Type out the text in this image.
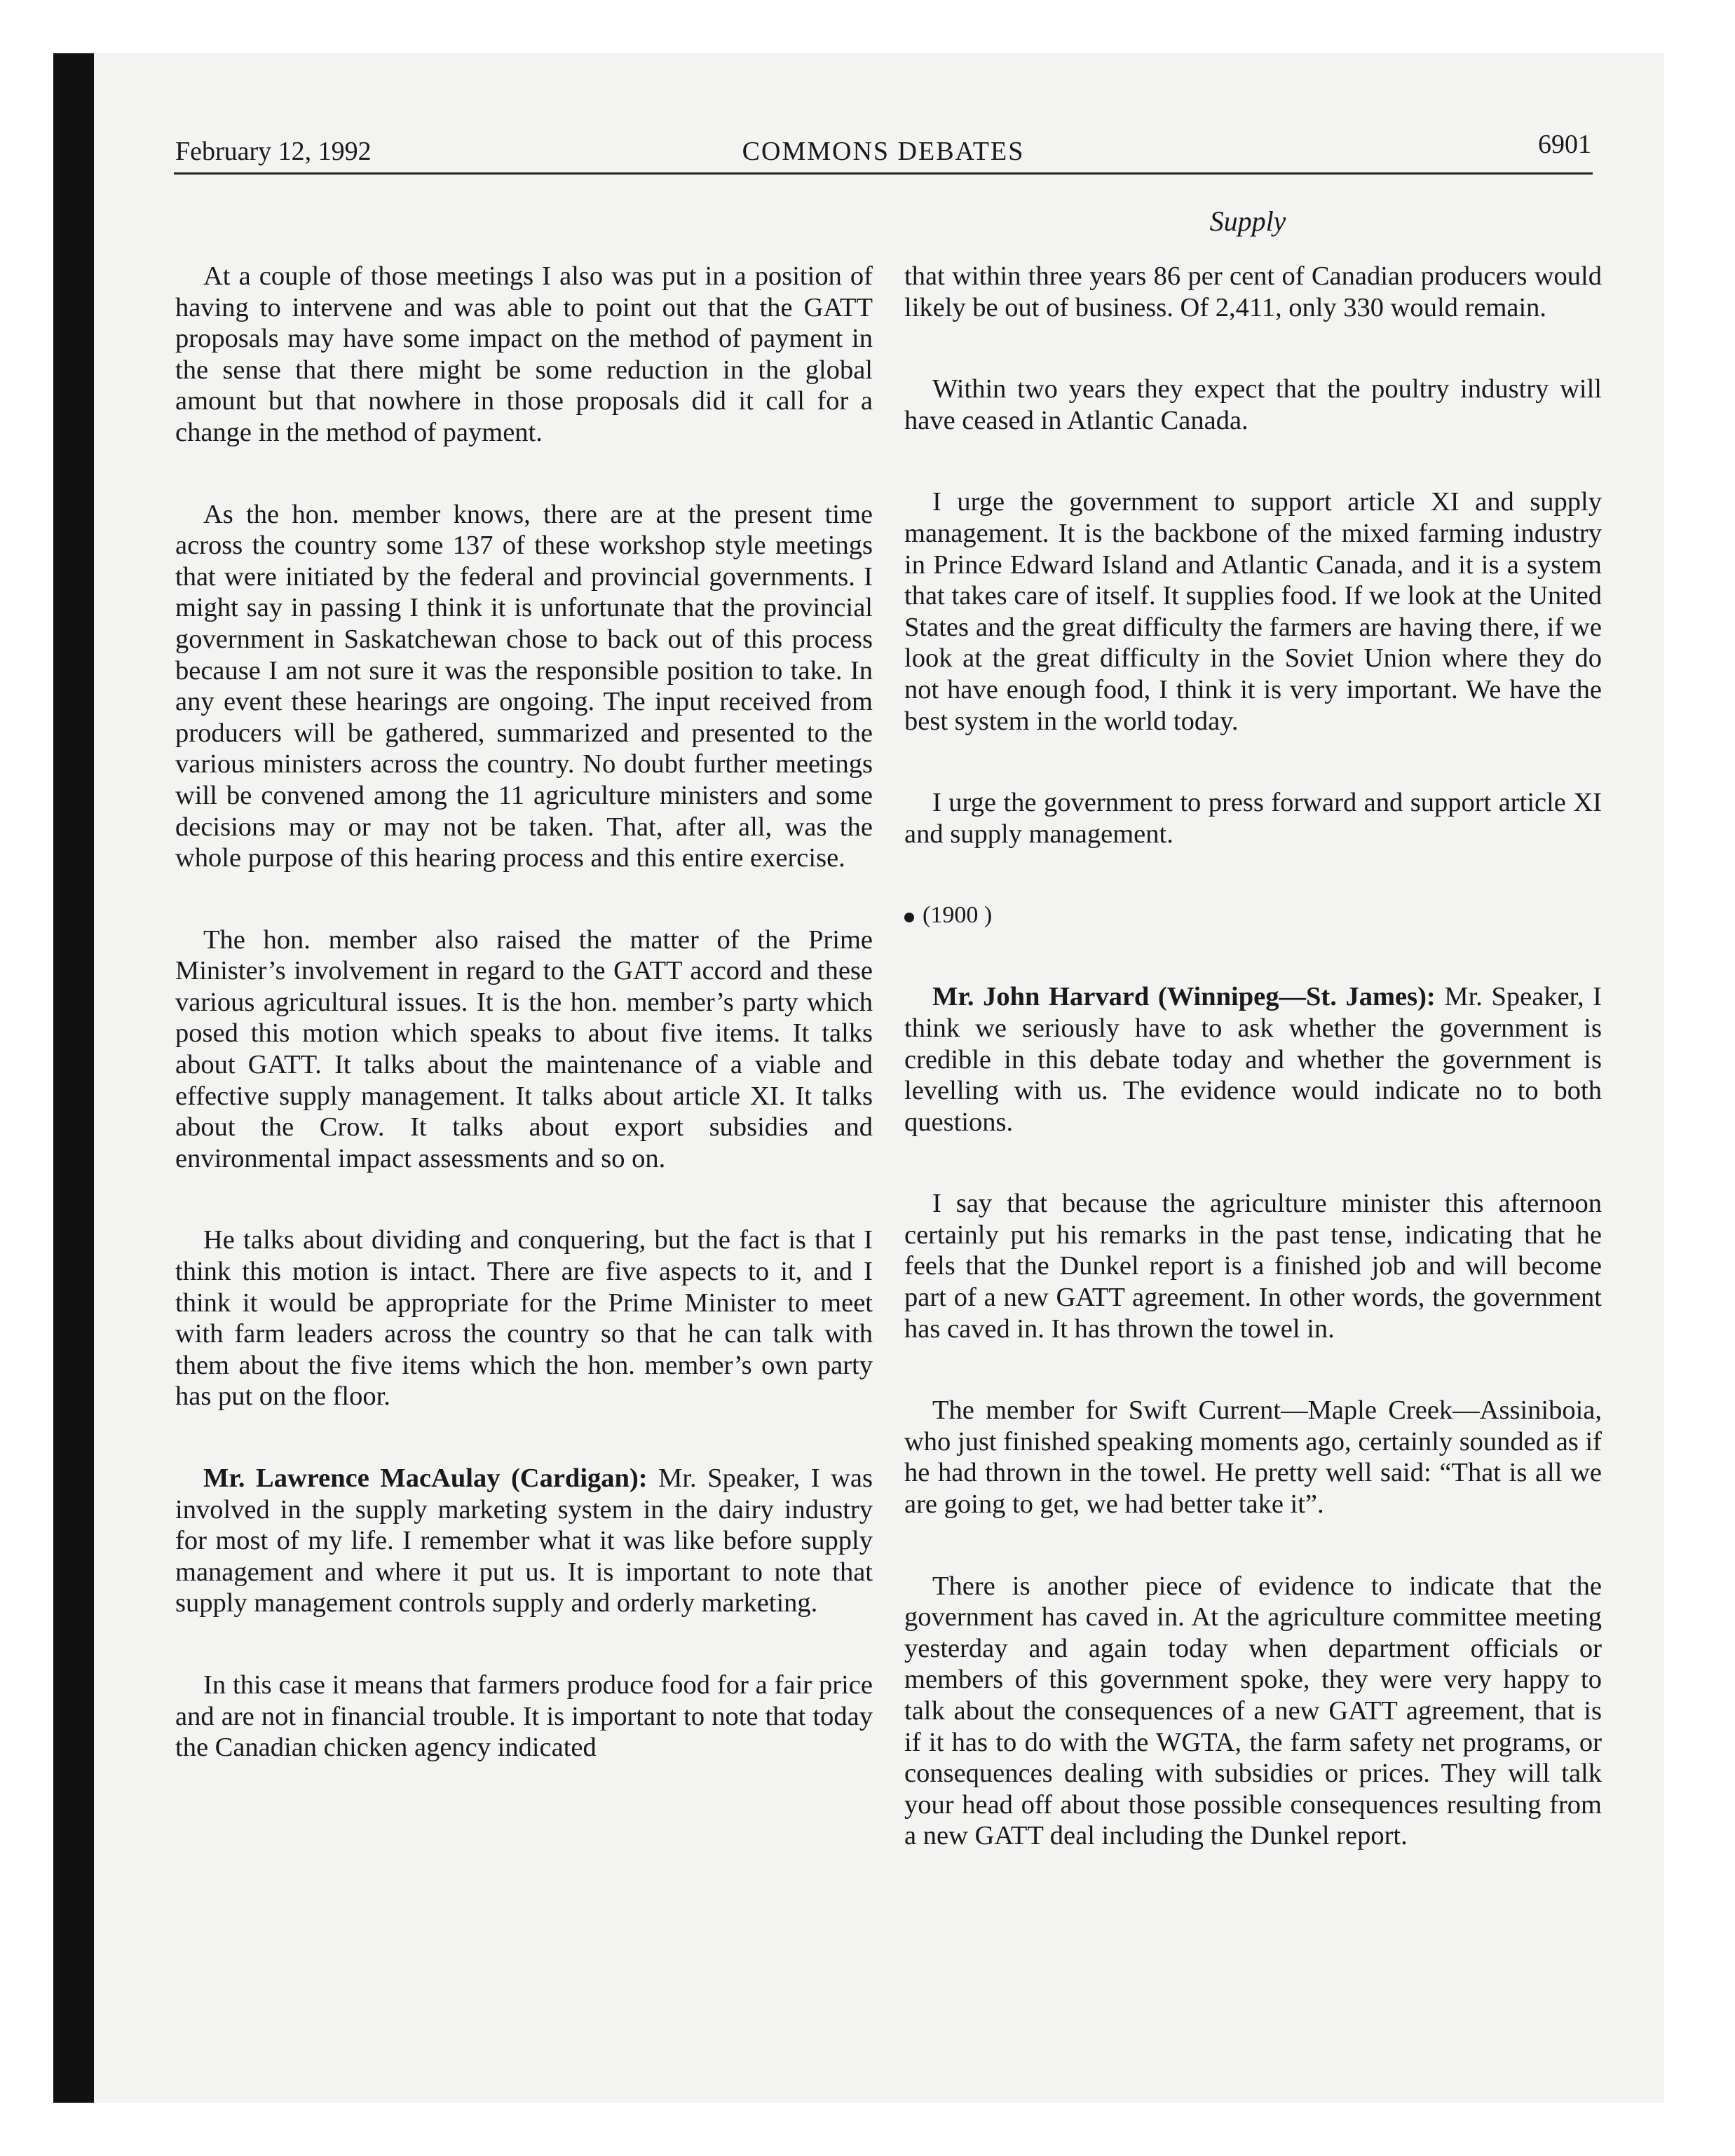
February 12, 1992	COMMONS DEBATES	6901
Supply

At a couple of those meetings I also was put in a position of having to intervene and was able to point out that the GATT proposals may have some impact on the method of payment in the sense that there might be some reduction in the global amount but that nowhere in those proposals did it call for a change in the method of payment.

As the hon. member knows, there are at the present time across the country some 137 of these workshop style meetings that were initiated by the federal and provincial governments. I might say in passing I think it is unfortunate that the provincial government in Saskatchewan chose to back out of this process because I am not sure it was the responsible position to take. In any event these hearings are ongoing. The input received from producers will be gathered, summarized and presented to the various ministers across the country. No doubt further meetings will be convened among the 11 agriculture ministers and some decisions may or may not be taken. That, after all, was the whole purpose of this hearing process and this entire exercise.

The hon. member also raised the matter of the Prime Minister’s involvement in regard to the GATT accord and these various agricultural issues. It is the hon. member’s party which posed this motion which speaks to about five items. It talks about GATT. It talks about the maintenance of a viable and effective supply management. It talks about article XI. It talks about the Crow. It talks about export subsidies and environmental impact assessments and so on.

He talks about dividing and conquering, but the fact is that I think this motion is intact. There are five aspects to it, and I think it would be appropriate for the Prime Minister to meet with farm leaders across the country so that he can talk with them about the five items which the hon. member’s own party has put on the floor.

Mr. Lawrence MacAulay (Cardigan): Mr. Speaker, I was involved in the supply marketing system in the dairy industry for most of my life. I remember what it was like before supply management and where it put us. It is important to note that supply management controls supply and orderly marketing.

In this case it means that farmers produce food for a fair price and are not in financial trouble. It is important to note that today the Canadian chicken agency indicated

that within three years 86 per cent of Canadian producers would likely be out of business. Of 2,411, only 330 would remain.

Within two years they expect that the poultry industry will have ceased in Atlantic Canada.

I urge the government to support article XI and supply management. It is the backbone of the mixed farming industry in Prince Edward Island and Atlantic Canada, and it is a system that takes care of itself. It supplies food. If we look at the United States and the great difficulty the farmers are having there, if we look at the great difficulty in the Soviet Union where they do not have enough food, I think it is very important. We have the best system in the world today.

I urge the government to press forward and support article XI and supply management.

(1900 )

Mr. John Harvard (Winnipeg—St. James): Mr. Speaker, I think we seriously have to ask whether the government is credible in this debate today and whether the government is levelling with us. The evidence would indicate no to both questions.

I say that because the agriculture minister this afternoon certainly put his remarks in the past tense, indicating that he feels that the Dunkel report is a finished job and will become part of a new GATT agreement. In other words, the government has caved in. It has thrown the towel in.

The member for Swift Current—Maple Creek—Assiniboia, who just finished speaking moments ago, certainly sounded as if he had thrown in the towel. He pretty well said: “That is all we are going to get, we had better take it”.

There is another piece of evidence to indicate that the government has caved in. At the agriculture committee meeting yesterday and again today when department officials or members of this government spoke, they were very happy to talk about the consequences of a new GATT agreement, that is if it has to do with the WGTA, the farm safety net programs, or consequences dealing with subsidies or prices. They will talk your head off about those possible consequences resulting from a new GATT deal including the Dunkel report.
